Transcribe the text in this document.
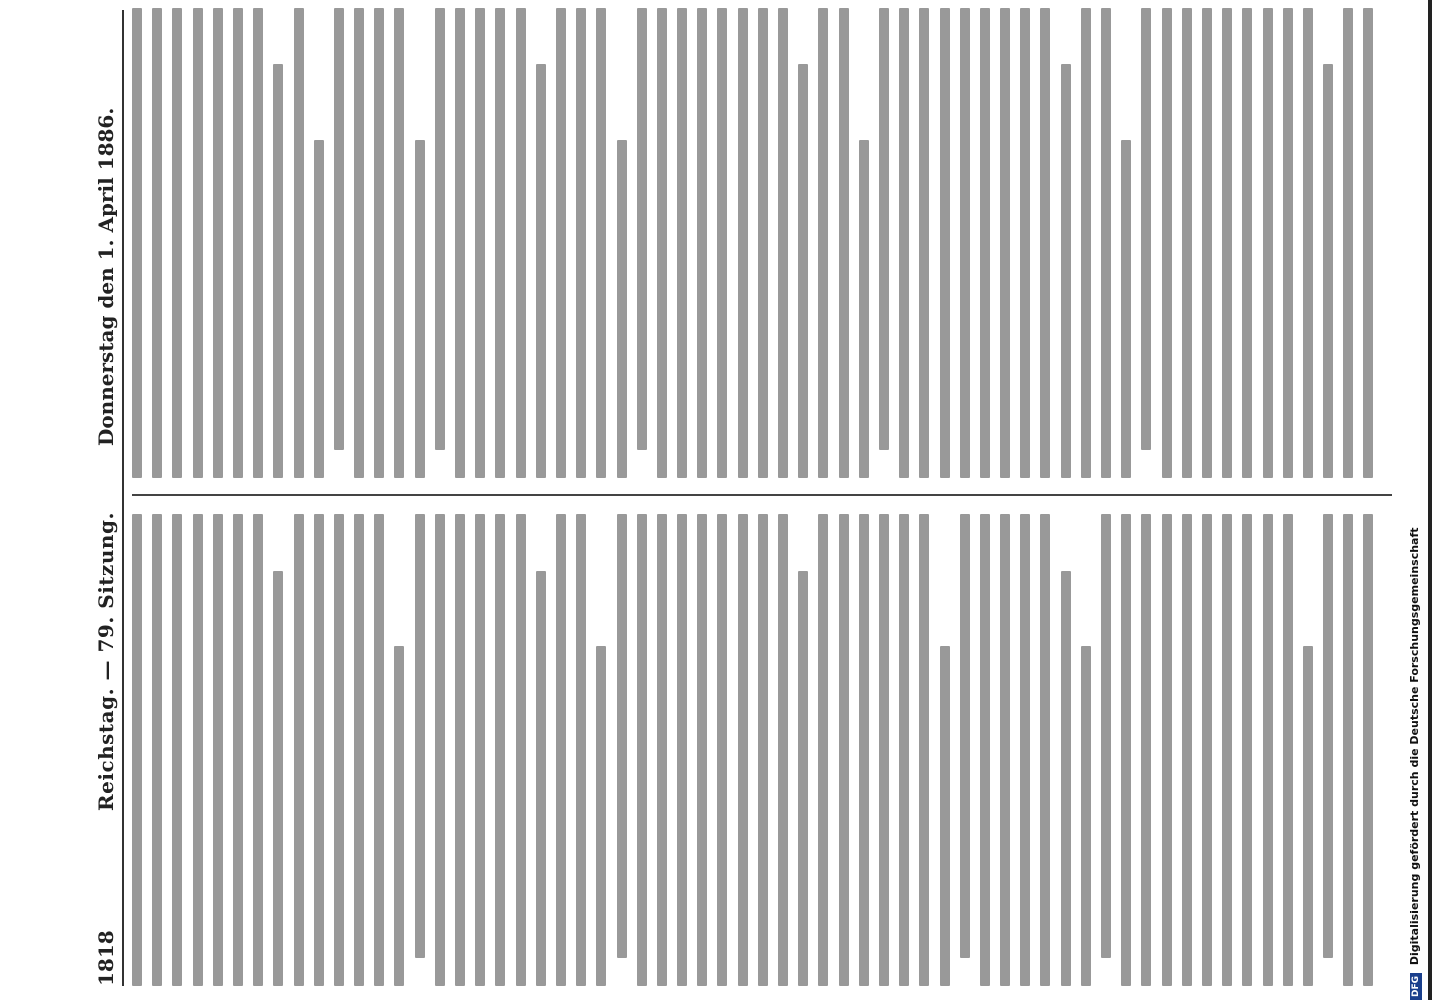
1818
Reichstag. — 79. Sitzung.
Donnerstag den 1. April 1886.
DFG Digitalisierung gefördert durch die Deutsche Forschungsgemeinschaft
